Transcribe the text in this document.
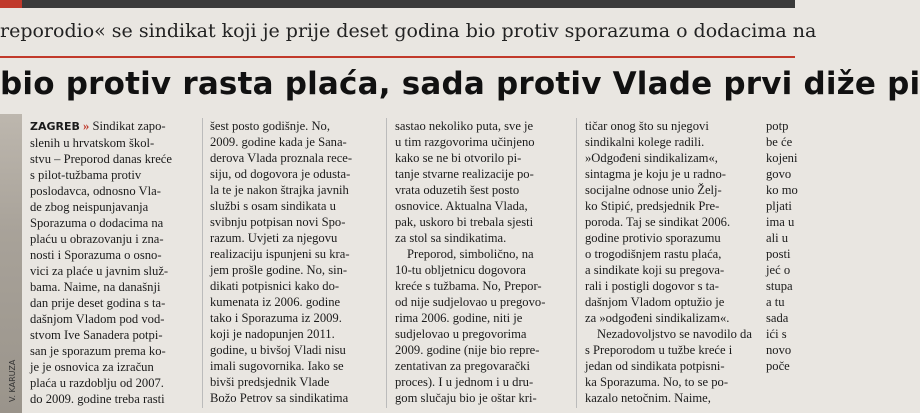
reporodio« se sindikat koji je prije deset godina bio protiv sporazuma o dodacima na
bio protiv rasta plaća, sada protiv Vlade prvi diže pi
V. KARUZA
ZAGREB » Sindikat zapo-
slenih u hrvatskom škol-
stvu – Preporod danas kreće
s pilot-tužbama protiv
poslodavca, odnosno Vla-
de zbog neispunjavanja
Sporazuma o dodacima na
plaću u obrazovanju i zna-
nosti i Sporazuma o osno-
vici za plaće u javnim služ-
bama. Naime, na današnji
dan prije deset godina s ta-
dašnjom Vladom pod vod-
stvom Ive Sanadera potpi-
san je sporazum prema ko-
je je osnovica za izračun
plaća u razdoblju od 2007.
do 2009. godine treba rasti
šest posto godišnje. No,
2009. godine kada je Sana-
derova Vlada proznala rece-
siju, od dogovora je odusta-
la te je nakon štrajka javnih
službi s osam sindikata u
svibnju potpisan novi Spo-
razum. Uvjeti za njegovu
realizaciju ispunjeni su kra-
jem prošle godine. No, sin-
dikati potpisnici kako do-
kumenata iz 2006. godine
tako i Sporazuma iz 2009.
koji je nadopunjen 2011.
godine, u bivšoj Vladi nisu
imali sugovornika. Iako se
bivši predsjednik Vlade
Božo Petrov sa sindikatima
sastao nekoliko puta, sve je
u tim razgovorima učinjeno
kako se ne bi otvorilo pi-
tanje stvarne realizacije po-
vrata oduzetih šest posto
osnovice. Aktualna Vlada,
pak, uskoro bi trebala sjesti
za stol sa sindikatima.
Preporod, simbolično, na
10-tu obljetnicu dogovora
kreće s tužbama. No, Prepor-
od nije sudjelovao u pregovo-
rima 2006. godine, niti je
sudjelovao u pregovorima
2009. godine (nije bio repre-
zentativan za pregovarački
proces). I u jednom i u dru-
gom slučaju bio je oštar kri-
tičar onog što su njegovi
sindikalni kolege radili.
»Odgođeni sindikalizam«,
sintagma je koju je u radno-
socijalne odnose unio Želj-
ko Stipić, predsjednik Pre-
poroda. Taj se sindikat 2006.
godine protivio sporazumu
o trogodišnjem rastu plaća,
a sindikate koji su pregova-
rali i postigli dogovor s ta-
dašnjom Vladom optužio je
za »odgođeni sindikalizam«.
Nezadovoljstvo se navodilo da
s Preporodom u tužbe kreće i
jedan od sindikata potpisni-
ka Sporazuma. No, to se po-
kazalo netočnim. Naime,
potp
be će
kojeni
govo
ko mo
pljati
ima u
ali u
posti
jeć o
stupa
a tu
sada
ići s
novo
poče
